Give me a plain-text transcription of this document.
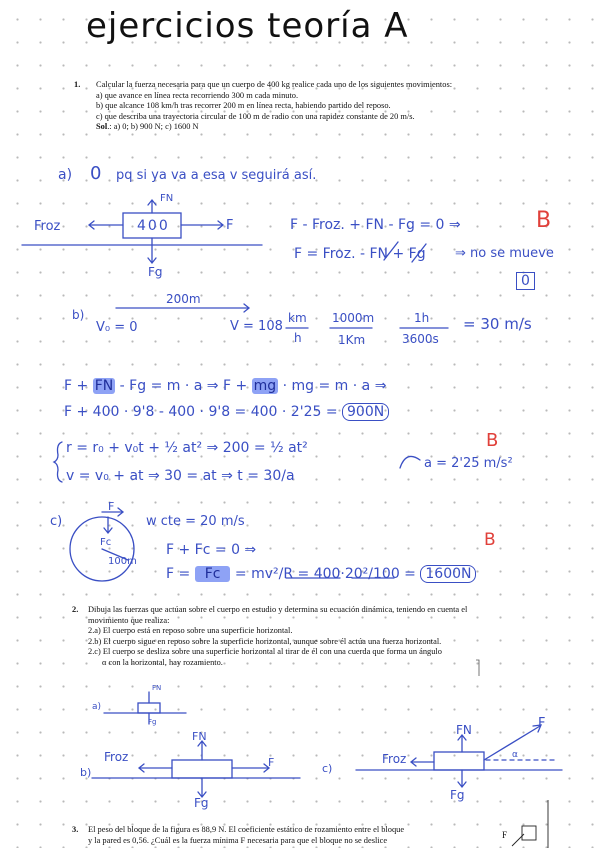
ejercicios teoría A
1. Calcular la fuerza necesaria para que un cuerpo de 400 kg realice cada uno de los siguientes movimientos:

a) que avance en línea recta recorriendo 300 m cada minuto.

b) que alcance 108 km/h tras recorrer 200 m en línea recta, habiendo partido del reposo.

c) que describa una trayectoria circular de 100 m de radio con una rapidez constante de 20 m/s.

Sol.: a) 0; b) 900 N; c) 1600 N

a) 0 pq si ya va a esa v seguirá así.
FN
Froz	400	F
Fg
F - Froz. + FN - Fg = 0 ⇒
F = Froz. - FN + Fg ⇒ no se mueve
0
B
b)
200m
V₀ = 0	V = 108
km
h
1000m
1Km
1h
3600s
= 30 m/s
F + FN - Fg = m · a ⇒ F + mg · mg = m · a ⇒
F + 400 · 9'8 - 400 · 9'8 = 400 · 2'25 = 900N
r = r₀ + v₀t + ½ at² ⇒ 200 = ½ at²
v = v₀ + at ⇒ 30 = at ⇒ t = 30/a
a = 2'25 m/s²
B
c)
Fc
F
100m
w cte = 20 m/s
F + Fc = 0 ⇒
F = Fc = mv²/R = 400·20²/100 = 1600N
B
2. Dibuja las fuerzas que actúan sobre el cuerpo en estudio y determina su ecuación dinámica, teniendo en cuenta el movimiento que realiza:

2.a) El cuerpo está en reposo sobre una superficie horizontal.

2.b) El cuerpo sigue en reposo sobre la superficie horizontal, aunque sobre él actúa una fuerza horizontal.

2.c) El cuerpo se desliza sobre una superficie horizontal al tirar de él con una cuerda que forma un ángulo

α con la horizontal, hay rozamiento.

a)
FN
Fg
b)
FN
Froz	F
Fg
c)
FN
Froz
F
α
Fg
3. El peso del bloque de la figura es 88,9 N. El coeficiente estático de rozamiento entre el bloque

y la pared es 0,56. ¿Cuál es la fuerza mínima F necesaria para que el bloque no se deslice

F
